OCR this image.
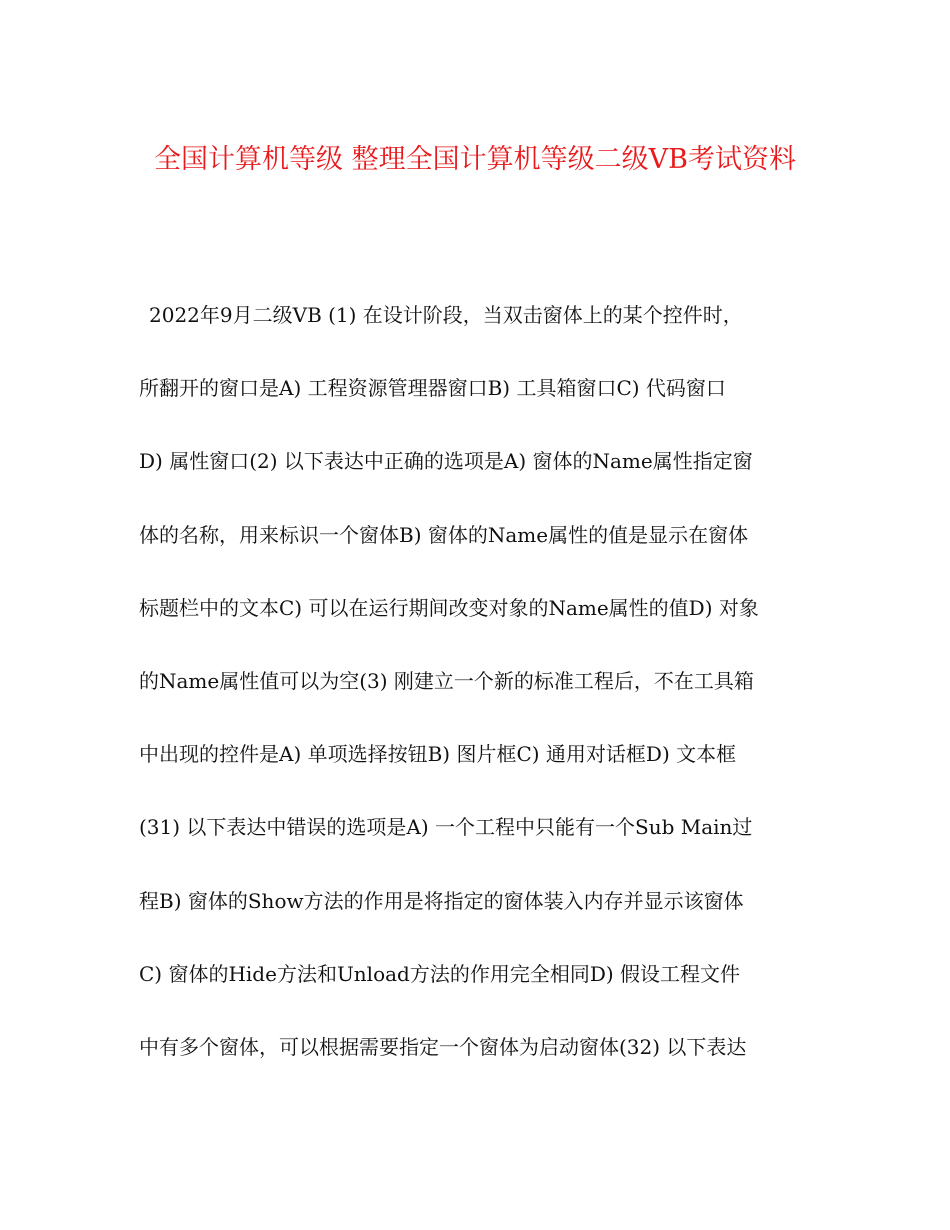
全国计算机等级 整理全国计算机等级二级VB考试资料
2022年9月二级VB (1) 在设计阶段，当双击窗体上的某个控件时，
所翻开的窗口是A) 工程资源管理器窗口B) 工具箱窗口C) 代码窗口
D) 属性窗口(2) 以下表达中正确的选项是A) 窗体的Name属性指定窗
体的名称，用来标识一个窗体B) 窗体的Name属性的值是显示在窗体
标题栏中的文本C) 可以在运行期间改变对象的Name属性的值D) 对象
的Name属性值可以为空(3) 刚建立一个新的标准工程后，不在工具箱
中出现的控件是A) 单项选择按钮B) 图片框C) 通用对话框D) 文本框
(31) 以下表达中错误的选项是A) 一个工程中只能有一个Sub Main过
程B) 窗体的Show方法的作用是将指定的窗体装入内存并显示该窗体
C) 窗体的Hide方法和Unload方法的作用完全相同D) 假设工程文件
中有多个窗体，可以根据需要指定一个窗体为启动窗体(32) 以下表达
